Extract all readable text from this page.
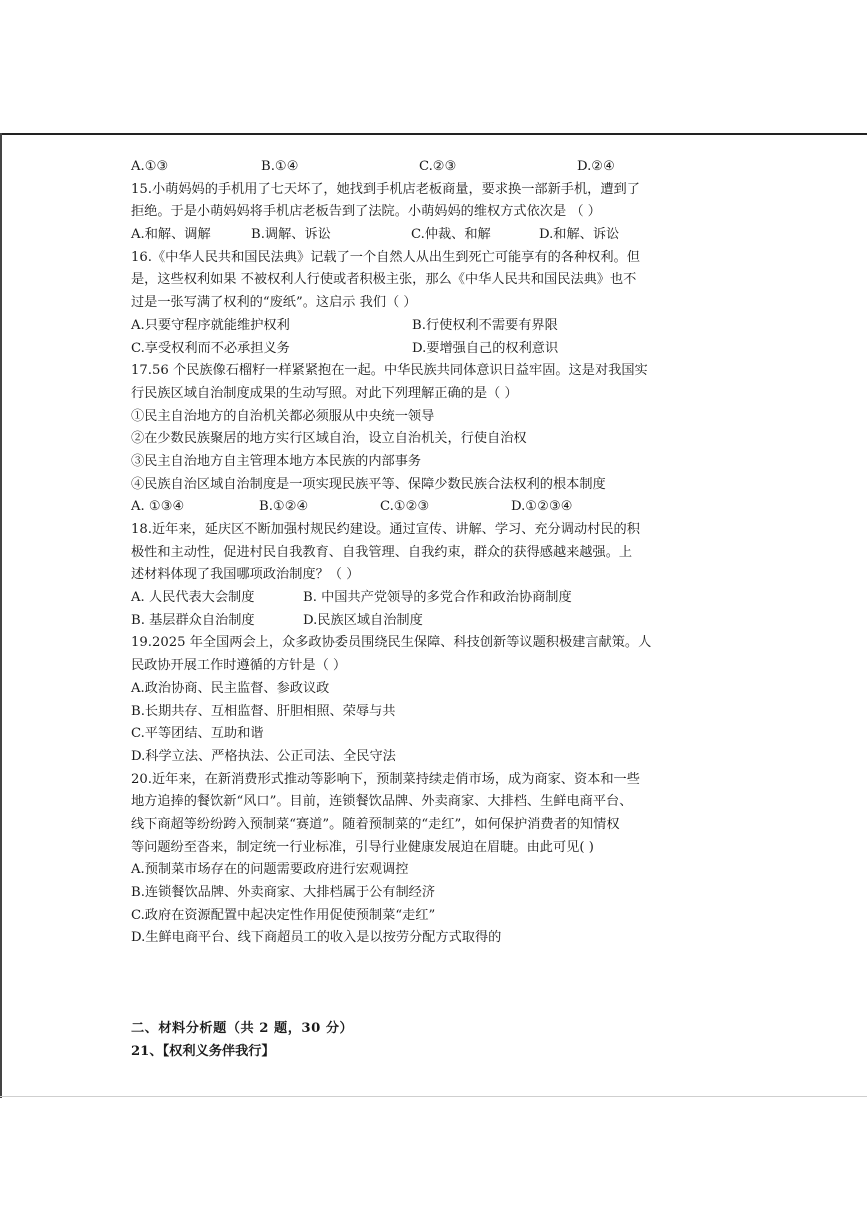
A.①③	B.①④	C.②③	D.②④
15.小萌妈妈的手机用了七天坏了，她找到手机店老板商量，要求换一部新手机，遭到了
拒绝。于是小萌妈妈将手机店老板告到了法院。小萌妈妈的维权方式依次是 （ ）
A.和解、调解	B.调解、诉讼	C.仲裁、和解	D.和解、诉讼
16.《中华人民共和国民法典》记载了一个自然人从出生到死亡可能享有的各种权利。但
是，这些权利如果 不被权利人行使或者积极主张，那么《中华人民共和国民法典》也不
过是一张写满了权利的“废纸”。这启示 我们（ ）
A.只要守程序就能维护权利	B.行使权利不需要有界限
C.享受权利而不必承担义务	D.要增强自己的权利意识
17.56 个民族像石榴籽一样紧紧抱在一起。中华民族共同体意识日益牢固。这是对我国实
行民族区域自治制度成果的生动写照。对此下列理解正确的是（ ）
①民主自治地方的自治机关都必须服从中央统一领导
②在少数民族聚居的地方实行区域自治，设立自治机关，行使自治权
③民主自治地方自主管理本地方本民族的内部事务
④民族自治区域自治制度是一项实现民族平等、保障少数民族合法权利的根本制度
A. ①③④	B.①②④	C.①②③	D.①②③④
18.近年来，延庆区不断加强村规民约建设。通过宣传、讲解、学习、充分调动村民的积
极性和主动性，促进村民自我教育、自我管理、自我约束，群众的获得感越来越强。上
述材料体现了我国哪项政治制度？（ ）
A. 人民代表大会制度	B. 中国共产党领导的多党合作和政治协商制度
B. 基层群众自治制度	D.民族区域自治制度
19.2025 年全国两会上，众多政协委员围绕民生保障、科技创新等议题积极建言献策。人
民政协开展工作时遵循的方针是（ ）
A.政治协商、民主监督、参政议政
B.长期共存、互相监督、肝胆相照、荣辱与共
C.平等团结、互助和谐
D.科学立法、严格执法、公正司法、全民守法
20.近年来，在新消费形式推动等影响下，预制菜持续走俏市场，成为商家、资本和一些
地方追捧的餐饮新“风口”。目前，连锁餐饮品牌、外卖商家、大排档、生鲜电商平台、
线下商超等纷纷跨入预制菜“赛道”。随着预制菜的“走红”，如何保护消费者的知情权
等问题纷至沓来，制定统一行业标准，引导行业健康发展迫在眉睫。由此可见( )
A.预制菜市场存在的问题需要政府进行宏观调控
B.连锁餐饮品牌、外卖商家、大排档属于公有制经济
C.政府在资源配置中起决定性作用促使预制菜“走红”
D.生鲜电商平台、线下商超员工的收入是以按劳分配方式取得的
二、材料分析题（共 2 题，30 分）
21、【权利义务伴我行】
